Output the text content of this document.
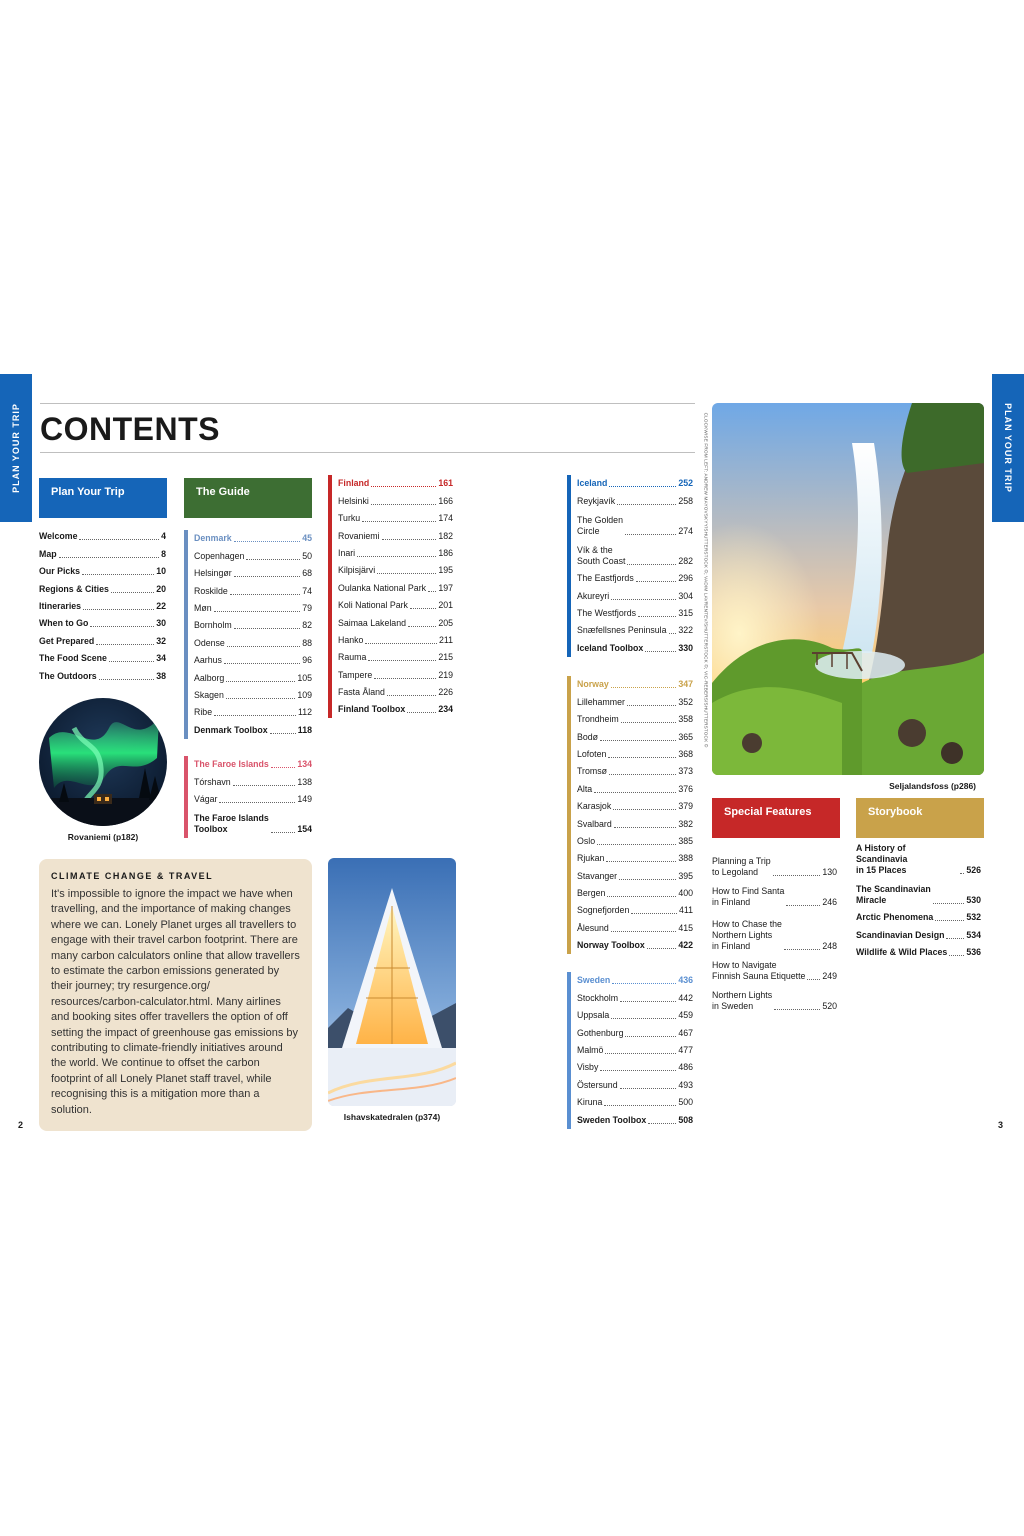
PLAN YOUR TRIP	PLAN YOUR TRIP
CONTENTS
Plan Your Trip	The Guide
Special Features	Storybook
Welcome	4
Map	8
Our Picks	10
Regions & Cities	20
Itineraries	22
When to Go	30
Get Prepared	32
The Food Scene	34
The Outdoors	38
Denmark	45
Copenhagen	50
Helsingør	68
Roskilde	74
Møn	79
Bornholm	82
Odense	88
Aarhus	96
Aalborg	105
Skagen	109
Ribe	112
Denmark Toolbox	118
The Faroe Islands	134
Tórshavn	138
Vágar	149
The Faroe Islands
Toolbox	154
Finland	161
Helsinki	166
Turku	174
Rovaniemi	182
Inari	186
Kilpisjärvi	195
Oulanka National Park 197
Koli National Park	201
Saimaa Lakeland	205
Hanko	211
Rauma	215
Tampere	219
Fasta Åland	226
Finland Toolbox	234
Iceland	252
Reykjavík	258
The Golden
Circle	274
Vík & the
South Coast	282
The Eastfjords	296
Akureyri	304
The Westfjords	315
Snæfellsnes Peninsula 322
Iceland Toolbox	330
Norway	347
Lillehammer	352
Trondheim	358
Bodø	365
Lofoten	368
Tromsø	373
Alta	376
Karasjok	379
Svalbard	382
Oslo	385
Rjukan	388
Stavanger	395
Bergen	400
Sognefjorden	411
Ålesund	415
Norway Toolbox	422
Sweden	436
Stockholm	442
Uppsala	459
Gothenburg	467
Malmö	477
Visby	486
Östersund	493
Kiruna	500
Sweden Toolbox	508
Planning a Trip
to Legoland	130
How to Find Santa
in Finland	246
How to Chase the
Northern Lights
in Finland	248
How to Navigate
Finnish Sauna Etiquette 249
Northern Lights
in Sweden	520
A History of Scandinavia
in 15 Places	526
The Scandinavian
Miracle	530
Arctic Phenomena	532
Scandinavian Design 534
Wildlife & Wild Places 536
Rovaniemi (p182)
CLIMATE CHANGE & TRAVEL

It's impossible to ignore the impact we have when travelling, and the importance of making changes where we can. Lonely Planet urges all travellers to engage with their travel carbon footprint. There are many carbon calculators online that allow travellers to estimate the carbon emissions generated by their journey; try resurgence.org/ resources/carbon-calculator.html. Many airlines and booking sites offer travellers the option of off setting the impact of greenhouse gas emissions by contributing to climate-friendly initiatives around the world. We continue to offset the carbon footprint of all Lonely Planet staff travel, while recognising this is a mitigation more than a solution.

Ishavskatedralen (p374)
CLOCKWISE FROM LEFT: ANDREW MAYOVSKYY/SHUTTERSTOCK ©; VADIM LAVRENTEV/SHUTTERSTOCK ©; VIC-REBERS/SHUTTERSTOCK ©
Seljalandsfoss (p286)
2	3
